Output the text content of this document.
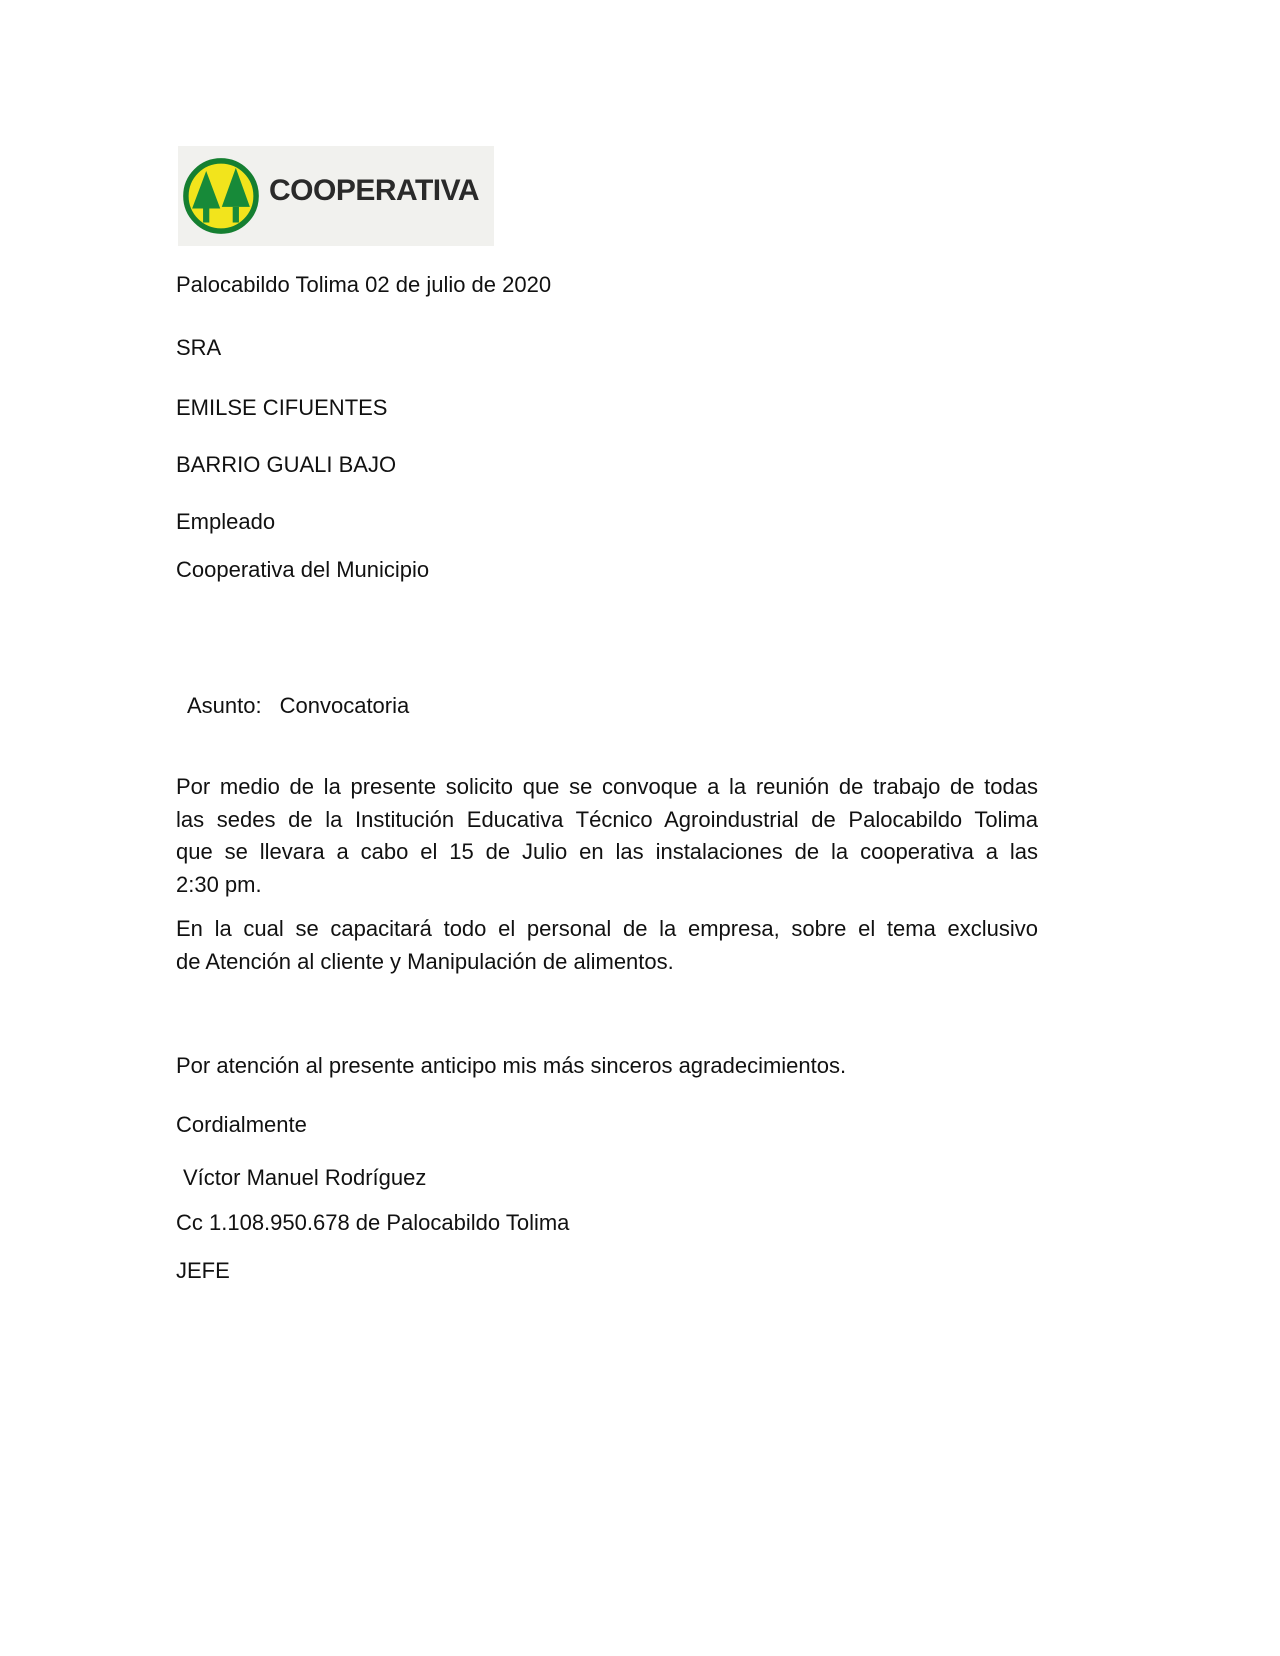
COOPERATIVA
Palocabildo Tolima 02 de julio de 2020
SRA
EMILSE CIFUENTES
BARRIO GUALI BAJO
Empleado
Cooperativa del Municipio
Asunto: Convocatoria
Por medio de la presente solicito que se convoque a la reunión de trabajo de todas
las sedes de la Institución Educativa Técnico Agroindustrial de Palocabildo Tolima
que se llevara a cabo el 15 de Julio en las instalaciones de la cooperativa a las
2:30 pm.
En la cual se capacitará todo el personal de la empresa, sobre el tema exclusivo
de Atención al cliente y Manipulación de alimentos.
Por atención al presente anticipo mis más sinceros agradecimientos.
Cordialmente
Víctor Manuel Rodríguez
Cc 1.108.950.678 de Palocabildo Tolima
JEFE
